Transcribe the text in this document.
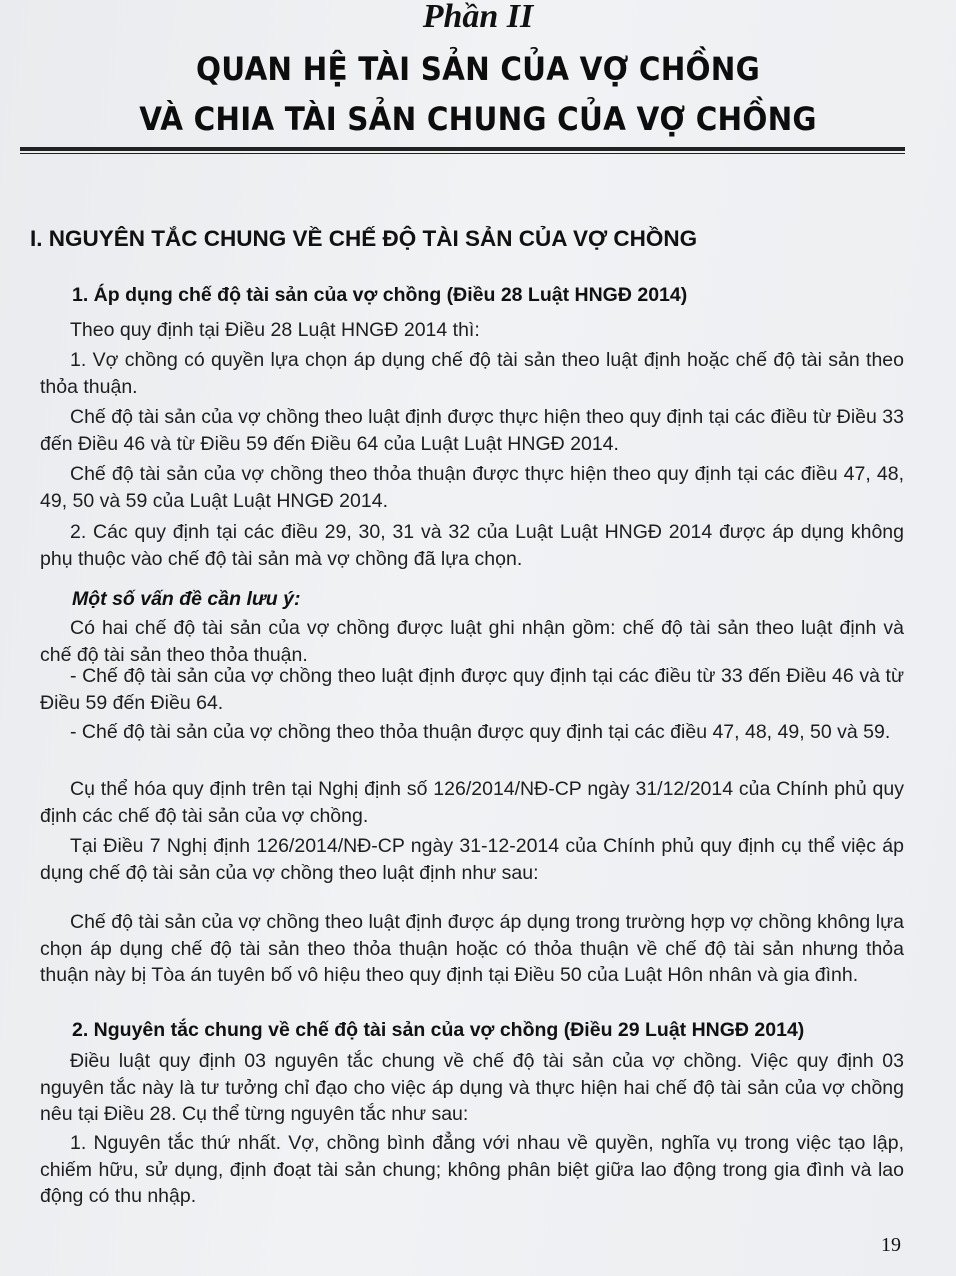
Phần II
QUAN HỆ TÀI SẢN CỦA VỢ CHỒNG
VÀ CHIA TÀI SẢN CHUNG CỦA VỢ CHỒNG
I. NGUYÊN TẮC CHUNG VỀ CHẾ ĐỘ TÀI SẢN CỦA VỢ CHỒNG
1. Áp dụng chế độ tài sản của vợ chồng (Điều 28 Luật HNGĐ 2014)
Theo quy định tại Điều 28 Luật HNGĐ 2014 thì:
1. Vợ chồng có quyền lựa chọn áp dụng chế độ tài sản theo luật định hoặc chế độ tài sản theo thỏa thuận.
Chế độ tài sản của vợ chồng theo luật định được thực hiện theo quy định tại các điều từ Điều 33 đến Điều 46 và từ Điều 59 đến Điều 64 của Luật Luật HNGĐ 2014.
Chế độ tài sản của vợ chồng theo thỏa thuận được thực hiện theo quy định tại các điều 47, 48, 49, 50 và 59 của Luật Luật HNGĐ 2014.
2. Các quy định tại các điều 29, 30, 31 và 32 của Luật Luật HNGĐ 2014 được áp dụng không phụ thuộc vào chế độ tài sản mà vợ chồng đã lựa chọn.
Một số vấn đề cần lưu ý:
Có hai chế độ tài sản của vợ chồng được luật ghi nhận gồm: chế độ tài sản theo luật định và chế độ tài sản theo thỏa thuận.
- Chế độ tài sản của vợ chồng theo luật định được quy định tại các điều từ 33 đến Điều 46 và từ Điều 59 đến Điều 64.
- Chế độ tài sản của vợ chồng theo thỏa thuận được quy định tại các điều 47, 48, 49, 50 và 59.
Cụ thể hóa quy định trên tại Nghị định số 126/2014/NĐ-CP ngày 31/12/2014 của Chính phủ quy định các chế độ tài sản của vợ chồng.
Tại Điều 7 Nghị định 126/2014/NĐ-CP ngày 31-12-2014 của Chính phủ quy định cụ thể việc áp dụng chế độ tài sản của vợ chồng theo luật định như sau:
Chế độ tài sản của vợ chồng theo luật định được áp dụng trong trường hợp vợ chồng không lựa chọn áp dụng chế độ tài sản theo thỏa thuận hoặc có thỏa thuận về chế độ tài sản nhưng thỏa thuận này bị Tòa án tuyên bố vô hiệu theo quy định tại Điều 50 của Luật Hôn nhân và gia đình.
2. Nguyên tắc chung về chế độ tài sản của vợ chồng (Điều 29 Luật HNGĐ 2014)
Điều luật quy định 03 nguyên tắc chung về chế độ tài sản của vợ chồng. Việc quy định 03 nguyên tắc này là tư tưởng chỉ đạo cho việc áp dụng và thực hiện hai chế độ tài sản của vợ chồng nêu tại Điều 28. Cụ thể từng nguyên tắc như sau:
1. Nguyên tắc thứ nhất. Vợ, chồng bình đẳng với nhau về quyền, nghĩa vụ trong việc tạo lập, chiếm hữu, sử dụng, định đoạt tài sản chung; không phân biệt giữa lao động trong gia đình và lao động có thu nhập.
19
